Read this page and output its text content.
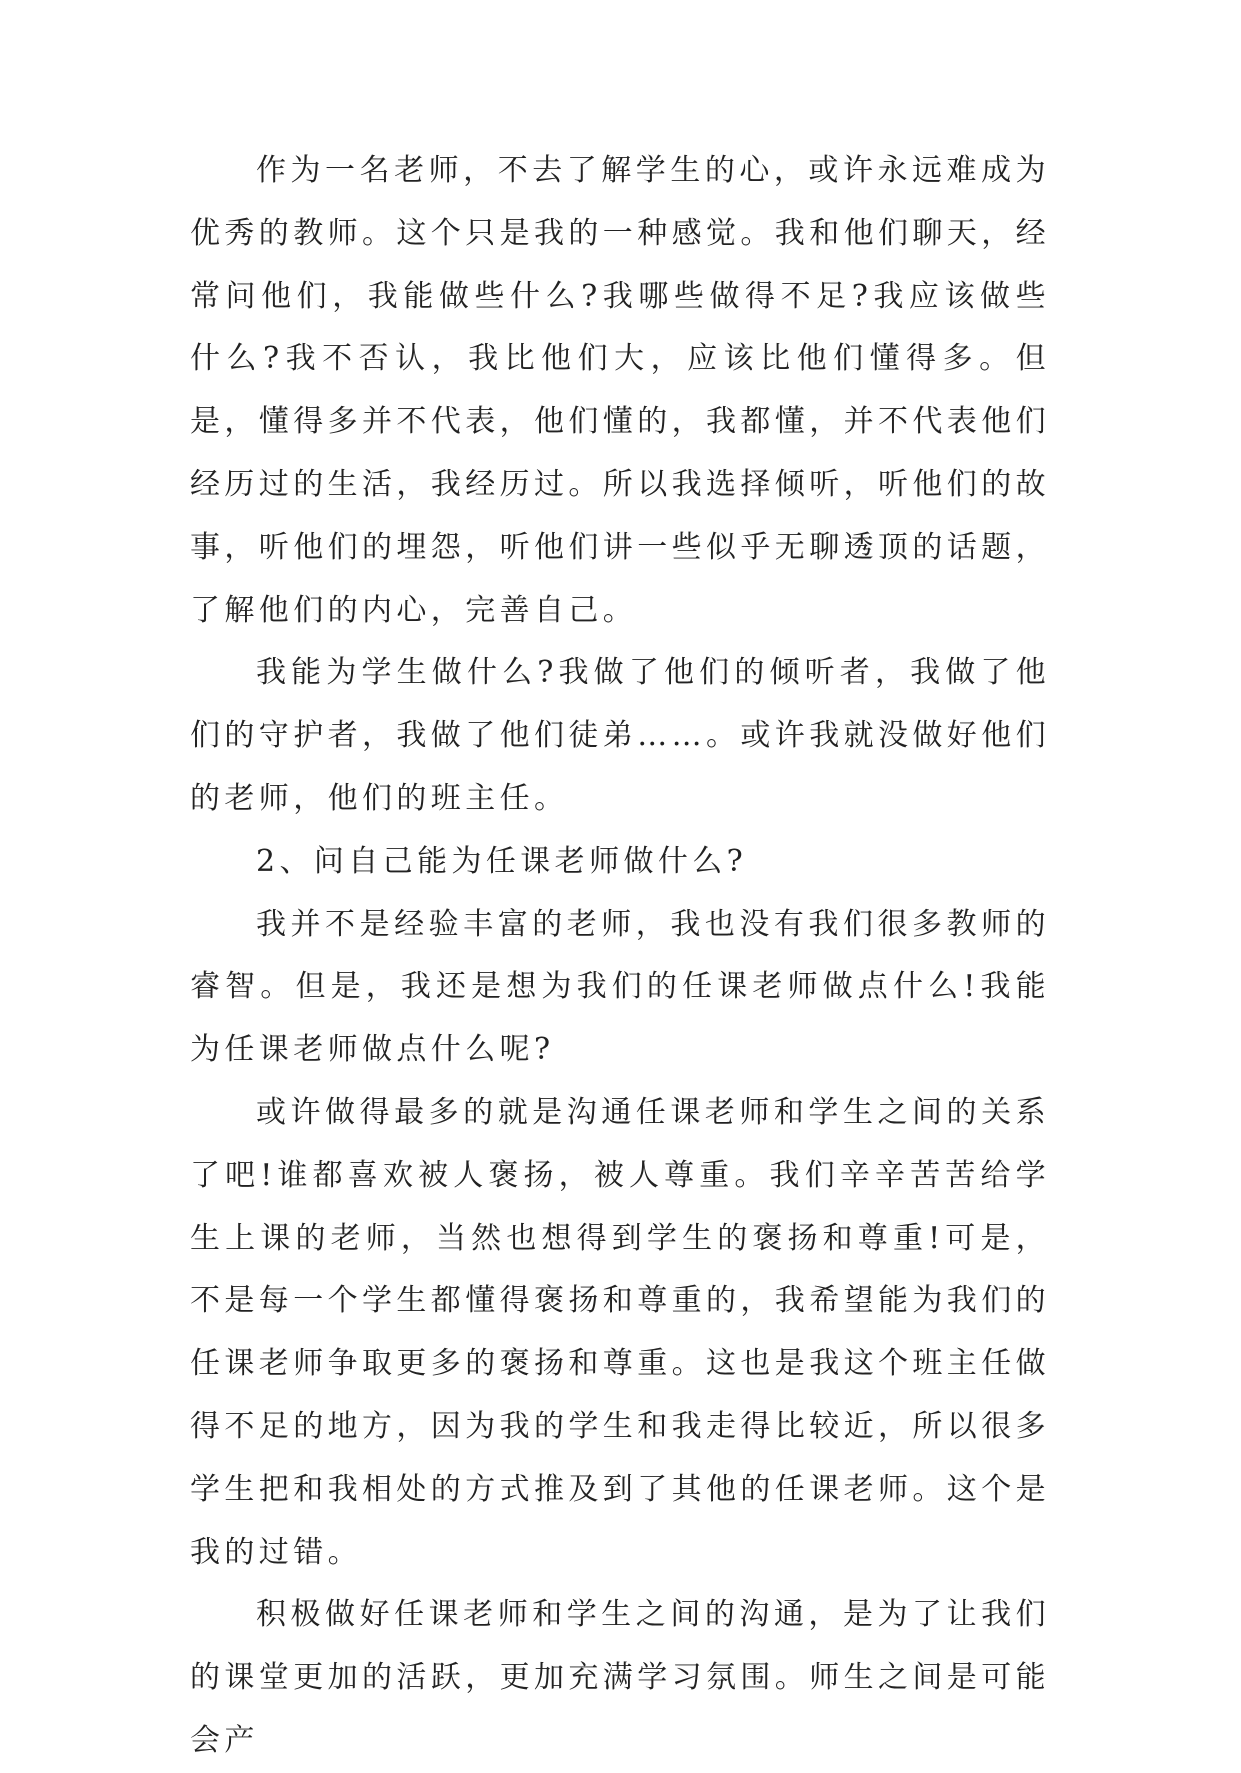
作为一名老师，不去了解学生的心，或许永远难成为优秀的教师。这个只是我的一种感觉。我和他们聊天，经常问他们，我能做些什么?我哪些做得不足?我应该做些什么?我不否认，我比他们大，应该比他们懂得多。但是，懂得多并不代表，他们懂的，我都懂，并不代表他们经历过的生活，我经历过。所以我选择倾听，听他们的故事，听他们的埋怨，听他们讲一些似乎无聊透顶的话题，了解他们的内心，完善自己。

我能为学生做什么?我做了他们的倾听者，我做了他们的守护者，我做了他们徒弟……。或许我就没做好他们的老师，他们的班主任。

2、问自己能为任课老师做什么?

我并不是经验丰富的老师，我也没有我们很多教师的睿智。但是，我还是想为我们的任课老师做点什么!我能为任课老师做点什么呢?

或许做得最多的就是沟通任课老师和学生之间的关系了吧!谁都喜欢被人褒扬，被人尊重。我们辛辛苦苦给学生上课的老师，当然也想得到学生的褒扬和尊重!可是，不是每一个学生都懂得褒扬和尊重的，我希望能为我们的任课老师争取更多的褒扬和尊重。这也是我这个班主任做得不足的地方，因为我的学生和我走得比较近，所以很多学生把和我相处的方式推及到了其他的任课老师。这个是我的过错。

积极做好任课老师和学生之间的沟通，是为了让我们的课堂更加的活跃，更加充满学习氛围。师生之间是可能会产
